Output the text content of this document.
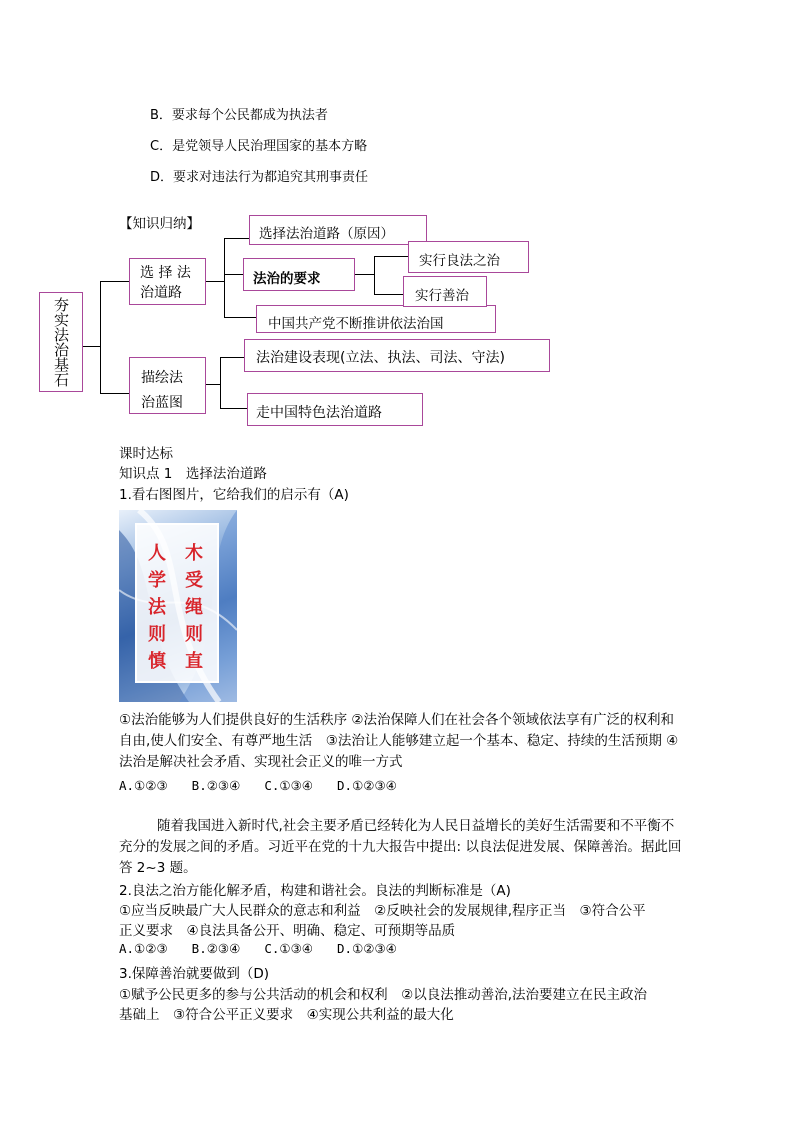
B．要求每个公民都成为执法者
C．是党领导人民治理国家的基本方略
D．要求对违法行为都追究其刑事责任
【知识归纳】
夯实法治基石
选 择 法
治道路
选择法治道路（原因）
法治的要求
中国共产党不断推讲依法治国
实行良法之治
实行善治
描绘法
治蓝图
法治建设表现(立法、执法、司法、守法)
走中国特色法治道路
课时达标
知识点 1　选择法治道路
1.看右图图片，它给我们的启示有（A)
人
学
法
则
慎
木
受
绳
则
直
①法治能够为人们提供良好的生活秩序 ②法治保障人们在社会各个领域依法享有广泛的权利和自由,使人们安全、有尊严地生活　③法治让人能够建立起一个基本、稳定、持续的生活预期 ④法治是解决社会矛盾、实现社会正义的唯一方式
A.①②③ B.②③④ C.①③④ D.①②③④
随着我国进入新时代,社会主要矛盾已经转化为人民日益增长的美好生活需要和不平衡不充分的发展之间的矛盾。习近平在党的十九大报告中提出: 以良法促进发展、保障善治。据此回答 2~3 题。
2.良法之治方能化解矛盾，构建和谐社会。良法的判断标准是（A)
①应当反映最广大人民群众的意志和利益　②反映社会的发展规律,程序正当　③符合公平
正义要求　④良法具备公开、明确、稳定、可预期等品质
A.①②③ B.②③④ C.①③④ D.①②③④
3.保障善治就要做到（D)
①赋予公民更多的参与公共活动的机会和权利　②以良法推动善治,法治要建立在民主政治
基础上　③符合公平正义要求　④实现公共利益的最大化
